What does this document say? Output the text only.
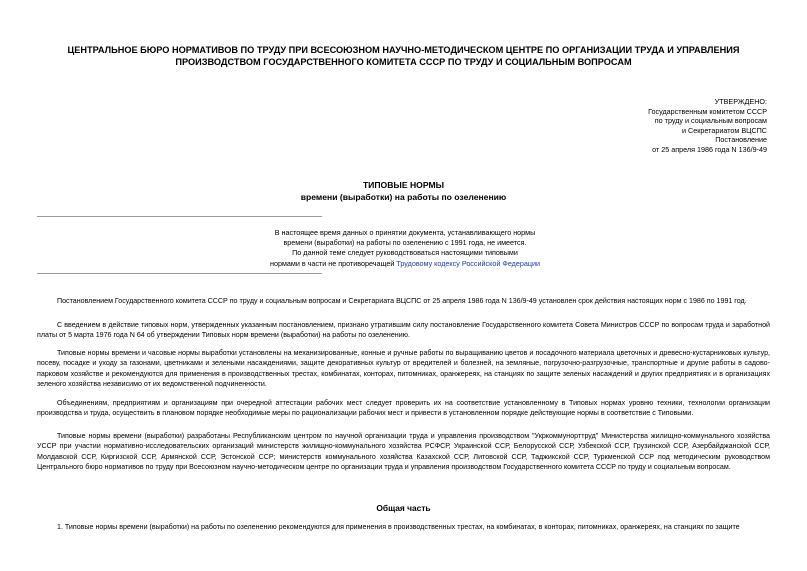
ЦЕНТРАЛЬНОЕ БЮРО НОРМАТИВОВ ПО ТРУДУ ПРИ ВСЕСОЮЗНОМ НАУЧНО-МЕТОДИЧЕСКОМ ЦЕНТРЕ ПО ОРГАНИЗАЦИИ ТРУДА И УПРАВЛЕНИЯ
ПРОИЗВОДСТВОМ ГОСУДАРСТВЕННОГО КОМИТЕТА СССР ПО ТРУДУ И СОЦИАЛЬНЫМ ВОПРОСАМ
УТВЕРЖДЕНО:
Государственным комитетом СССР
по труду и социальным вопросам
и Секретариатом ВЦСПС
Постановление
от 25 апреля 1986 года N 136/9-49
ТИПОВЫЕ НОРМЫ
времени (выработки) на работы по озеленению
В настоящее время данных о принятии документа, устанавливающего нормы
времени (выработки) на работы по озеленению с 1991 года, не имеется.
По данной теме следует руководствоваться настоящими типовыми
нормами в части не противоречащей Трудовому кодексу Российской Федерации

Постановлением Государственного комитета СССР по труду и социальным вопросам и Секретариата ВЦСПС от 25 апреля 1986 года N 136/9-49 установлен срок действия настоящих норм с 1986 по 1991 год.

С введением в действие типовых норм, утвержденных указанным постановлением, признано утратившим силу постановление Государственного комитета Совета Министров СССР по вопросам труда и заработной платы от 5 марта 1976 года N 64 об утверждении Типовых норм времени (выработки) на работы по озеленению.

Типовые нормы времени и часовые нормы выработки установлены на механизированные, конные и ручные работы по выращиванию цветов и посадочного материала цветочных и древесно-кустарниковых культур, посеву, посадке и уходу за газонами, цветниками и зелеными насаждениями, защите декоративных культур от вредителей и болезней, на земляные, погрузочно-разгрузочные, транспортные и другие работы в садово-парковом хозяйстве и рекомендуются для применения в производственных трестах, комбинатах, конторах, питомниках, оранжереях, на станциях по защите зеленых насаждений и других предприятиях и в организациях зеленого хозяйства независимо от их ведомственной подчиненности.

Объединениям, предприятиям и организациям при очередной аттестации рабочих мест следует проверить их на соответствие установленному в Типовых нормах уровню техники, технологии организации производства и труда, осуществить в плановом порядке необходимые меры по рационализации рабочих мест и привести в установленном порядке действующие нормы в соответствие с Типовыми.

Типовые нормы времени (выработки) разработаны Республиканским центром по научной организации труда и управления производством "Укркоммунорттруд" Министерства жилищно-коммунального хозяйства УССР при участии нормативно-исследовательских организаций министерств жилищно-коммунального хозяйства РСФСР, Украинской ССР, Белорусской ССР, Узбекской ССР, Грузинской ССР, Азербайджанской ССР, Молдавской ССР, Киргизской ССР, Армянской ССР, Эстонской ССР; министерств коммунального хозяйства Казахской ССР, Литовской ССР, Таджикской ССР, Туркменской ССР под методическим руководством Центрального бюро нормативов по труду при Всесоюзном научно-методическом центре по организации труда и управления производством Государственного комитета СССР по труду и социальным вопросам.

Общая часть

1. Типовые нормы времени (выработки) на работы по озеленению рекомендуются для применения в производственных трестах, на комбинатах, в конторах, питомниках, оранжереях, на станциях по защите
